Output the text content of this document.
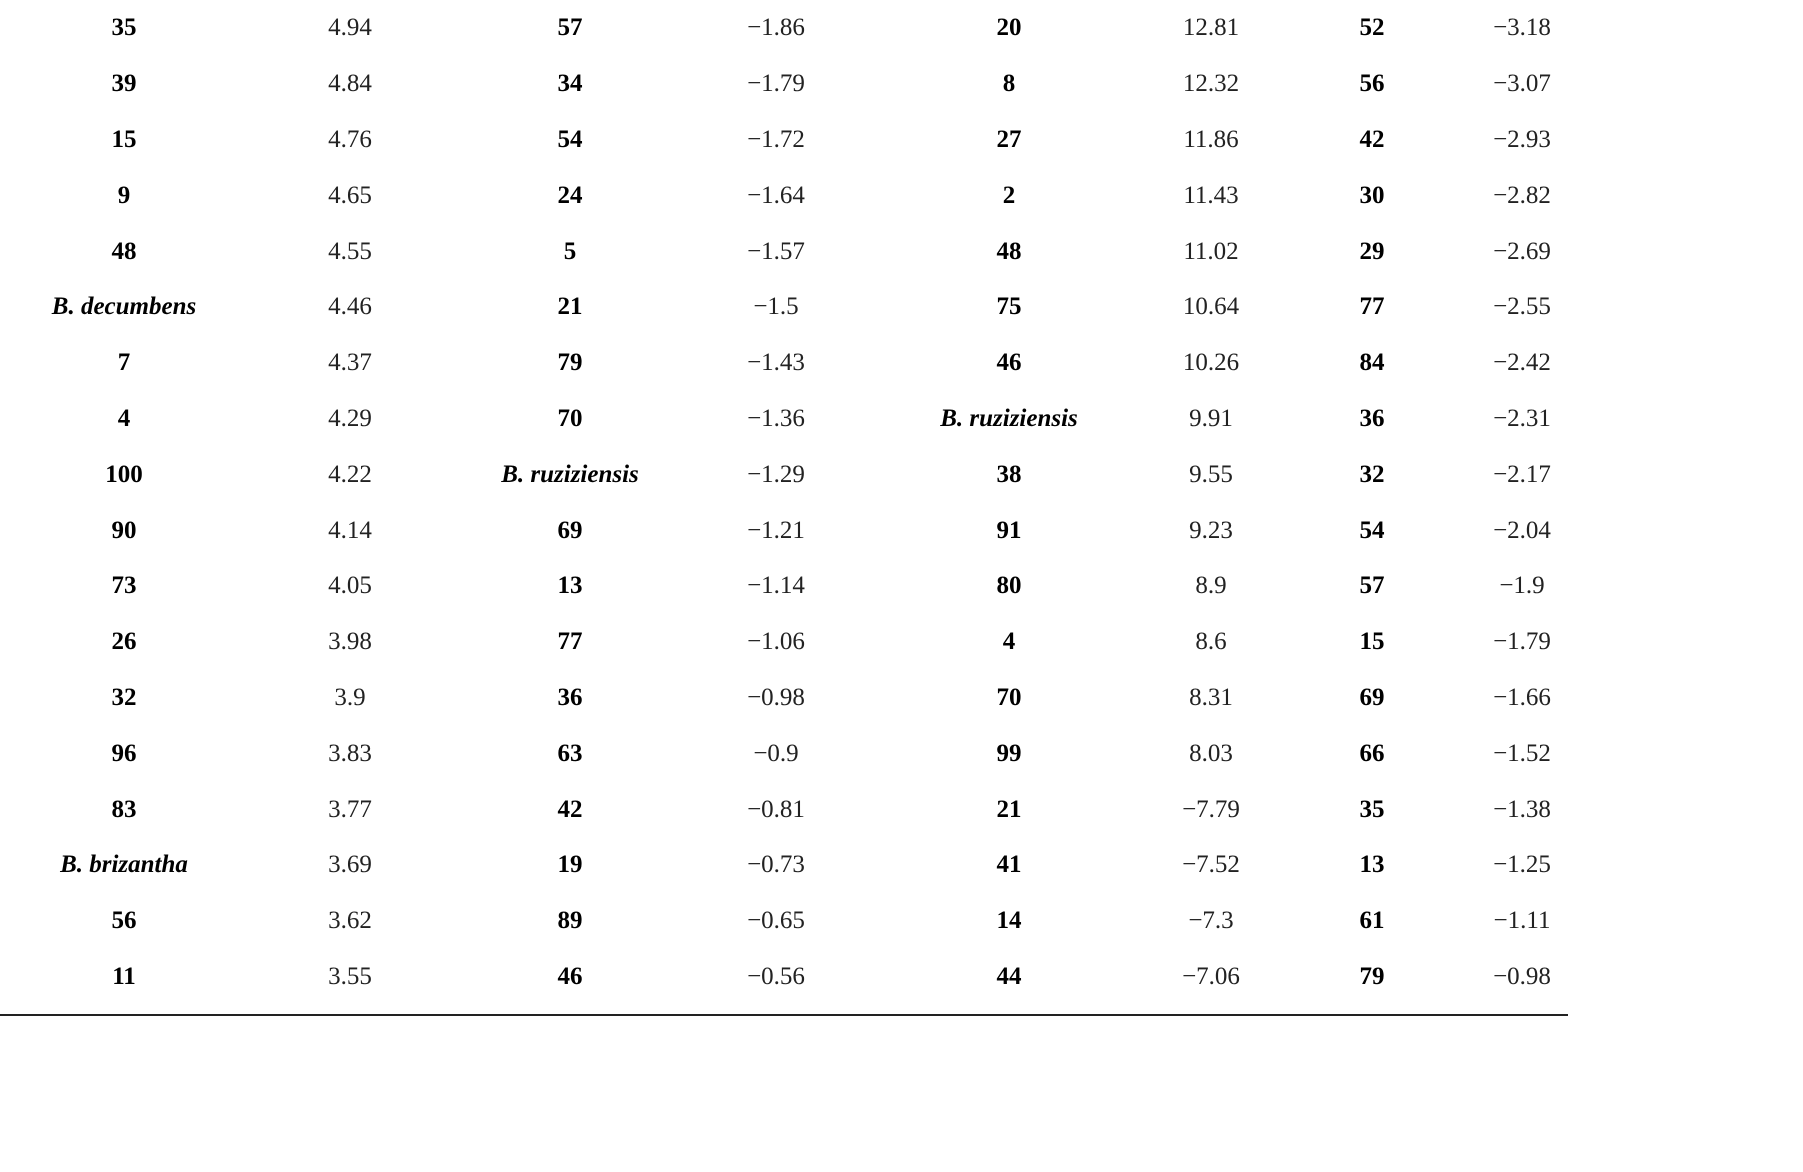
35	4.94	57	−1.86	20	12.81	52	−3.18
39	4.84	34	−1.79	8	12.32	56	−3.07
15	4.76	54	−1.72	27	11.86	42	−2.93
9	4.65	24	−1.64	2	11.43	30	−2.82
48	4.55	5	−1.57	48	11.02	29	−2.69
B. decumbens	4.46	21	−1.5	75	10.64	77	−2.55
7	4.37	79	−1.43	46	10.26	84	−2.42
4	4.29	70	−1.36	B. ruziziensis	9.91	36	−2.31
100	4.22	B. ruziziensis	−1.29	38	9.55	32	−2.17
90	4.14	69	−1.21	91	9.23	54	−2.04
73	4.05	13	−1.14	80	8.9	57	−1.9
26	3.98	77	−1.06	4	8.6	15	−1.79
32	3.9	36	−0.98	70	8.31	69	−1.66
96	3.83	63	−0.9	99	8.03	66	−1.52
83	3.77	42	−0.81	21	−7.79	35	−1.38
B. brizantha	3.69	19	−0.73	41	−7.52	13	−1.25
56	3.62	89	−0.65	14	−7.3	61	−1.11
11	3.55	46	−0.56	44	−7.06	79	−0.98
